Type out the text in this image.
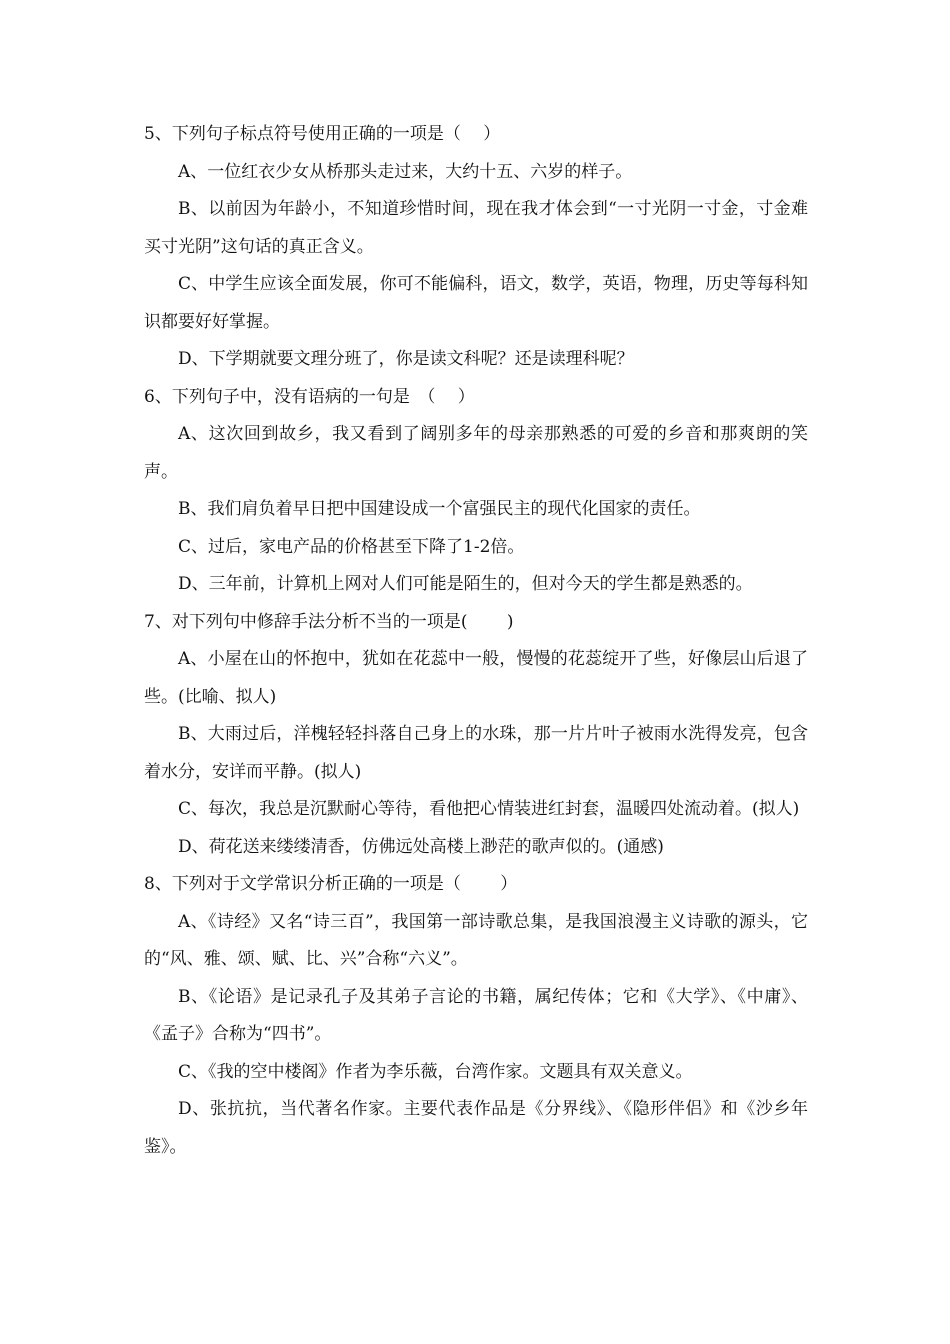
5、下列句子标点符号使用正确的一项是（　 ）

A、一位红衣少女从桥那头走过来，大约十五、六岁的样子。

B、以前因为年龄小，不知道珍惜时间，现在我才体会到“一寸光阴一寸金，寸金难买寸光阴”这句话的真正含义。

C、中学生应该全面发展，你可不能偏科，语文，数学，英语，物理，历史等每科知识都要好好掌握。

D、下学期就要文理分班了，你是读文科呢？还是读理科呢？

6、下列句子中，没有语病的一句是　（　 ）

A、这次回到故乡，我又看到了阔别多年的母亲那熟悉的可爱的乡音和那爽朗的笑声。

B、我们肩负着早日把中国建设成一个富强民主的现代化国家的责任。

C、过后，家电产品的价格甚至下降了1-2倍。

D、三年前，计算机上网对人们可能是陌生的，但对今天的学生都是熟悉的。

7、对下列句中修辞手法分析不当的一项是(　 　)

A、小屋在山的怀抱中，犹如在花蕊中一般，慢慢的花蕊绽开了些，好像层山后退了些。(比喻、拟人)

B、大雨过后，洋槐轻轻抖落自己身上的水珠，那一片片叶子被雨水洗得发亮，包含着水分，安详而平静。(拟人)

C、每次，我总是沉默耐心等待，看他把心情装进红封套，温暖四处流动着。(拟人)

D、荷花送来缕缕清香，仿佛远处高楼上渺茫的歌声似的。(通感)

8、下列对于文学常识分析正确的一项是（　 　）

A、《诗经》又名“诗三百”，我国第一部诗歌总集，是我国浪漫主义诗歌的源头，它的“风、雅、颂、赋、比、兴”合称“六义”。

B、《论语》是记录孔子及其弟子言论的书籍，属纪传体；它和《大学》、《中庸》、《孟子》合称为“四书”。

C、《我的空中楼阁》作者为李乐薇，台湾作家。文题具有双关意义。

D、张抗抗，当代著名作家。主要代表作品是《分界线》、《隐形伴侣》和《沙乡年鉴》。
